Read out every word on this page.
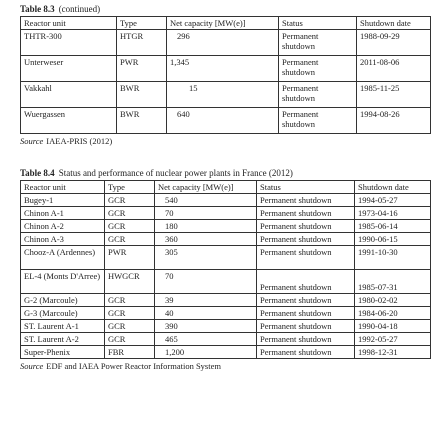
Table 8.3 (continued)
Reactor unit	Type	Net capacity [MW(e)]	Status	Shutdown date
THTR-300	HTGR	296	Permanent shutdown	1988-09-29
Unterweser	PWR	1,345	Permanent shutdown	2011-08-06
Vakkahl	BWR	15	Permanent shutdown	1985-11-25
Wuergassen	BWR	640	Permanent shutdown	1994-08-26
Source IAEA-PRIS (2012)
Table 8.4 Status and performance of nuclear power plants in France (2012)
Reactor unit	Type	Net capacity [MW(e)]	Status	Shutdown date
Bugey-1	GCR	540	Permanent shutdown	1994-05-27
Chinon A-1	GCR	70	Permanent shutdown	1973-04-16
Chinon A-2	GCR	180	Permanent shutdown	1985-06-14
Chinon A-3	GCR	360	Permanent shutdown	1990-06-15
Chooz-A (Ardennes)	PWR	305	Permanent shutdown	1991-10-30
EL-4 (Monts D'Arree)	HWGCR	70	Permanent shutdown	1985-07-31
G-2 (Marcoule)	GCR	39	Permanent shutdown	1980-02-02
G-3 (Marcoule)	GCR	40	Permanent shutdown	1984-06-20
ST. Laurent A-1	GCR	390	Permanent shutdown	1990-04-18
ST. Laurent A-2	GCR	465	Permanent shutdown	1992-05-27
Super-Phenix	FBR	1,200	Permanent shutdown	1998-12-31
Source EDF and IAEA Power Reactor Information System
